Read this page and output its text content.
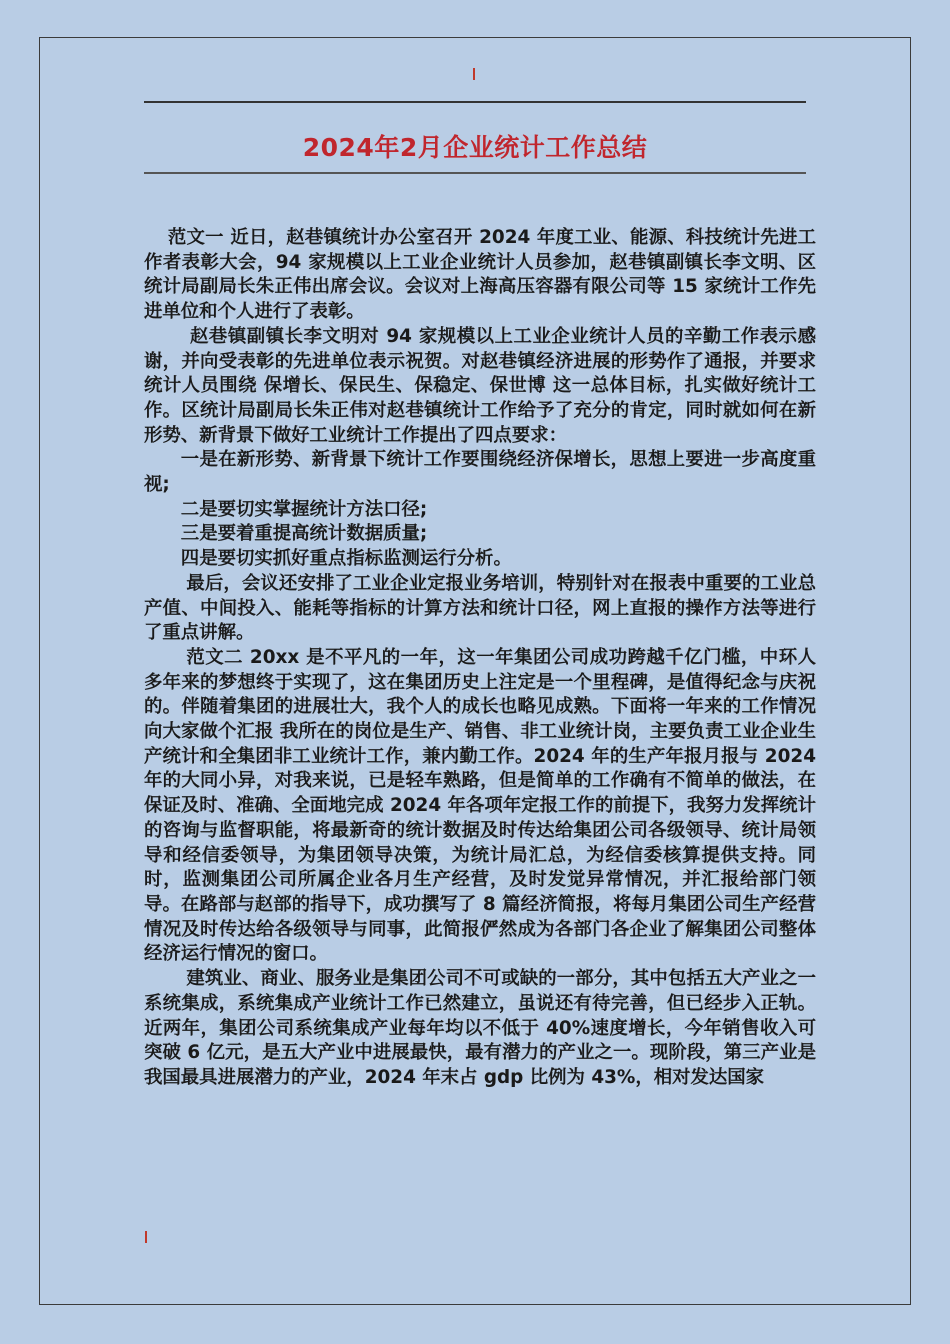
2024年2月企业统计工作总结

范文一 近日，赵巷镇统计办公室召开 2024 年度工业、能源、科技统计先进工作者表彰大会，94 家规模以上工业企业统计人员参加，赵巷镇副镇长李文明、区统计局副局长朱正伟出席会议。会议对上海高压容器有限公司等 15 家统计工作先进单位和个人进行了表彰。

赵巷镇副镇长李文明对 94 家规模以上工业企业统计人员的辛勤工作表示感谢，并向受表彰的先进单位表示祝贺。对赵巷镇经济进展的形势作了通报，并要求统计人员围绕 保增长、保民生、保稳定、保世博 这一总体目标，扎实做好统计工作。区统计局副局长朱正伟对赵巷镇统计工作给予了充分的肯定，同时就如何在新形势、新背景下做好工业统计工作提出了四点要求：

一是在新形势、新背景下统计工作要围绕经济保增长，思想上要进一步高度重视;

二是要切实掌握统计方法口径;

三是要着重提高统计数据质量;

四是要切实抓好重点指标监测运行分析。

最后，会议还安排了工业企业定报业务培训，特别针对在报表中重要的工业总产值、中间投入、能耗等指标的计算方法和统计口径，网上直报的操作方法等进行了重点讲解。

范文二 20xx 是不平凡的一年，这一年集团公司成功跨越千亿门槛，中环人多年来的梦想终于实现了，这在集团历史上注定是一个里程碑，是值得纪念与庆祝的。伴随着集团的进展壮大，我个人的成长也略见成熟。下面将一年来的工作情况向大家做个汇报 我所在的岗位是生产、销售、非工业统计岗，主要负责工业企业生产统计和全集团非工业统计工作，兼内勤工作。2024 年的生产年报月报与 2024 年的大同小异，对我来说，已是轻车熟路，但是简单的工作确有不简单的做法，在保证及时、准确、全面地完成 2024 年各项年定报工作的前提下，我努力发挥统计的咨询与监督职能，将最新奇的统计数据及时传达给集团公司各级领导、统计局领导和经信委领导，为集团领导决策，为统计局汇总，为经信委核算提供支持。同时，监测集团公司所属企业各月生产经营，及时发觉异常情况，并汇报给部门领导。在路部与赵部的指导下，成功撰写了 8 篇经济简报，将每月集团公司生产经营情况及时传达给各级领导与同事，此简报俨然成为各部门各企业了解集团公司整体经济运行情况的窗口。

建筑业、商业、服务业是集团公司不可或缺的一部分，其中包括五大产业之一 系统集成，系统集成产业统计工作已然建立，虽说还有待完善，但已经步入正轨。近两年，集团公司系统集成产业每年均以不低于 40%速度增长，今年销售收入可突破 6 亿元，是五大产业中进展最快，最有潜力的产业之一。现阶段，第三产业是我国最具进展潜力的产业，2024 年末占 gdp 比例为 43%，相对发达国家
